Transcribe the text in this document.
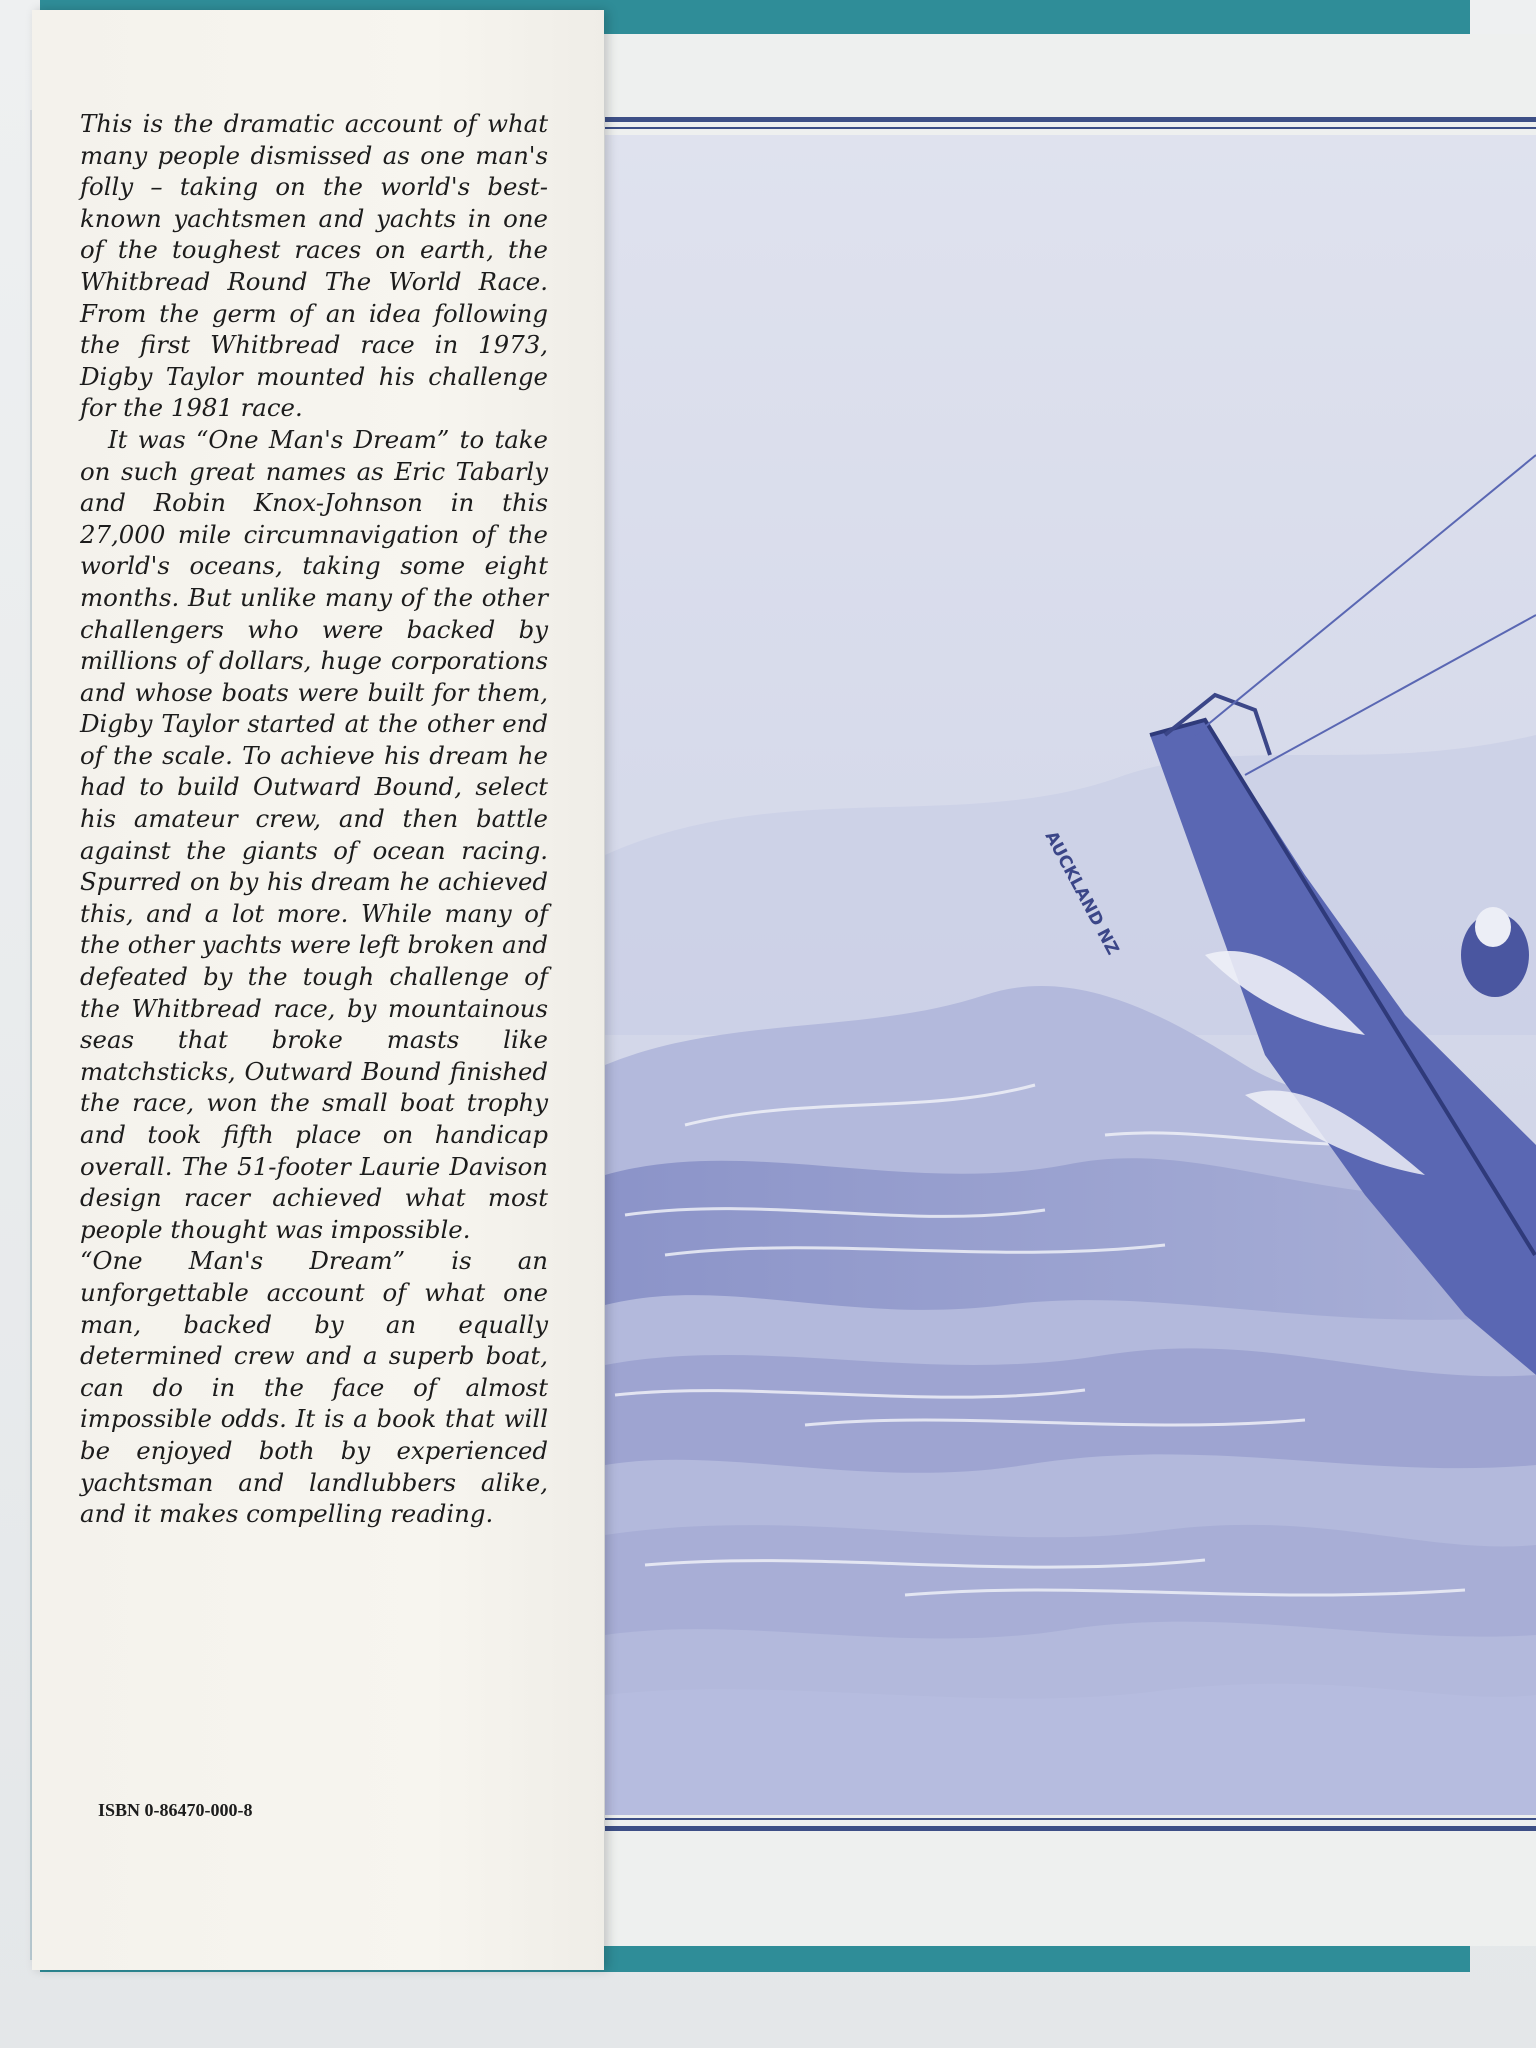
AUCKLAND NZ

This is the dramatic account of what many people dismissed as one man's folly – taking on the world's best-known yachtsmen and yachts in one of the toughest races on earth, the Whitbread Round The World Race. From the germ of an idea following the first Whitbread race in 1973, Digby Taylor mounted his challenge for the 1981 race.

It was “One Man's Dream” to take on such great names as Eric Tabarly and Robin Knox-Johnson in this 27,000 mile circumnavigation of the world's oceans, taking some eight months. But unlike many of the other challengers who were backed by millions of dollars, huge corporations and whose boats were built for them, Digby Taylor started at the other end of the scale. To achieve his dream he had to build Outward Bound, select his amateur crew, and then battle against the giants of ocean racing. Spurred on by his dream he achieved this, and a lot more. While many of the other yachts were left broken and defeated by the tough challenge of the Whitbread race, by mountainous seas that broke masts like matchsticks, Outward Bound finished the race, won the small boat trophy and took fifth place on handicap overall. The 51-footer Laurie Davison design racer achieved what most people thought was impossible.

“One Man's Dream” is an unforgettable account of what one man, backed by an equally determined crew and a superb boat, can do in the face of almost impossible odds. It is a book that will be enjoyed both by experienced yachtsman and landlubbers alike, and it makes compelling reading.

ISBN 0-86470-000-8
